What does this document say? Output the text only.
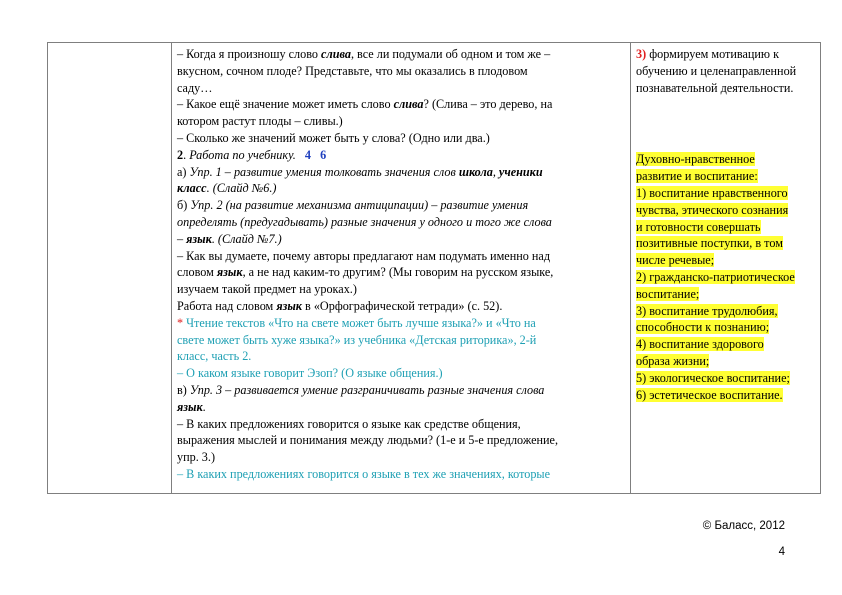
– Когда я произношу слово слива, все ли подумали об одном и том же –
вкусном, сочном плоде? Представьте, что мы оказались в плодовом
саду…
– Какое ещё значение может иметь слово слива? (Слива – это дерево, на
котором растут плоды – сливы.)
– Сколько же значений может быть у слова? (Одно или два.)
2. Работа по учебнику. 4 6
а) Упр. 1 – развитие умения толковать значения слов школа, ученики
класс. (Слайд №6.)
б) Упр. 2 (на развитие механизма антиципации) – развитие умения
определять (предугадывать) разные значения у одного и того же слова
– язык. (Слайд №7.)
– Как вы думаете, почему авторы предлагают нам подумать именно над
словом язык, а не над каким-то другим? (Мы говорим на русском языке,
изучаем такой предмет на уроках.)
Работа над словом язык в «Орфографической тетради» (с. 52).
* Чтение текстов «Что на свете может быть лучше языка?» и «Что на
свете может быть хуже языка?» из учебника «Детская риторика», 2-й
класс, часть 2.
– О каком языке говорит Эзоп? (О языке общения.)
в) Упр. 3 – развивается умение разграничивать разные значения слова
язык.
– В каких предложениях говорится о языке как средстве общения,
выражения мыслей и понимания между людьми? (1-е и 5-е предложение,
упр. 3.)
– В каких предложениях говорится о языке в тех же значениях, которые
3) формируем мотивацию к
обучению и целенаправленной
познавательной деятельности.
Духовно-нравственное
развитие и воспитание:
1) воспитание нравственного
чувства, этического сознания
и готовности совершать
позитивные поступки, в том
числе речевые;
2) гражданско-патриотическое
воспитание;
3) воспитание трудолюбия,
способности к познанию;
4) воспитание здорового
образа жизни;
5) экологическое воспитание;
6) эстетическое воспитание.
© Баласс, 2012
4
